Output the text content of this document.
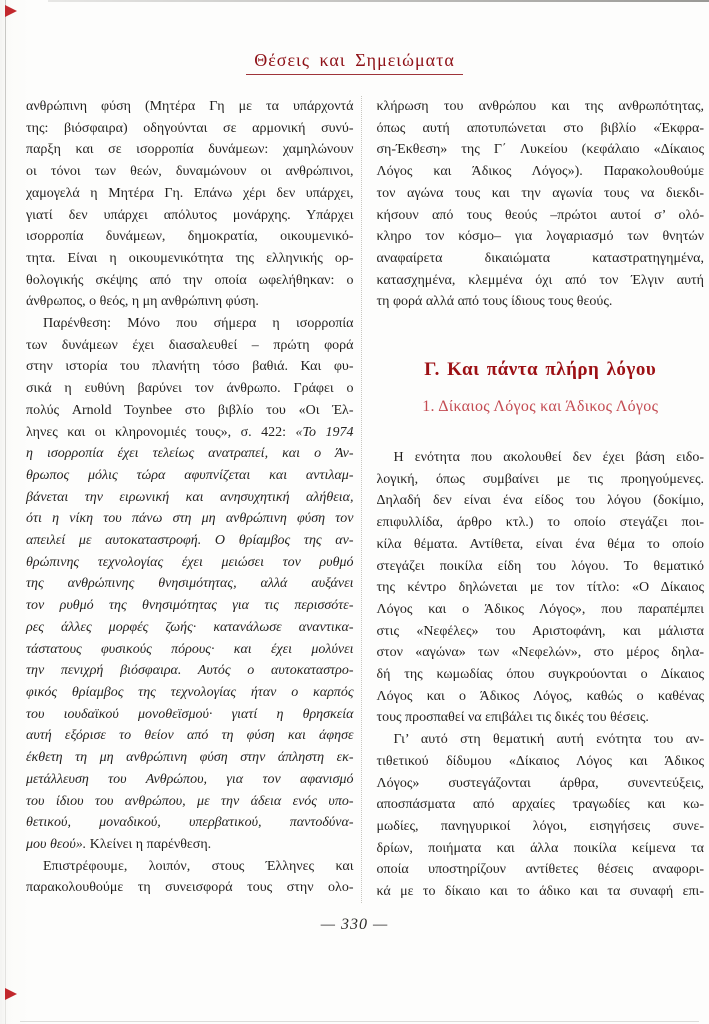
Θέσεις και Σημειώματα
ανθρώπινη φύση (Μητέρα Γη με τα υπάρχοντά
της: βιόσφαιρα) οδηγούνται σε αρμονική συνύ-
παρξη και σε ισορροπία δυνάμεων: χαμηλώνουν
οι τόνοι των θεών, δυναμώνουν οι ανθρώπινοι,
χαμογελά η Μητέρα Γη. Επάνω χέρι δεν υπάρχει,
γιατί δεν υπάρχει απόλυτος μονάρχης. Υπάρχει
ισορροπία δυνάμεων, δημοκρατία, οικουμενικό-
τητα. Είναι η οικουμενικότητα της ελληνικής ορ-
θολογικής σκέψης από την οποία ωφελήθηκαν: ο
άνθρωπος, ο θεός, η μη ανθρώπινη φύση.
Παρένθεση: Μόνο που σήμερα η ισορροπία
των δυνάμεων έχει διασαλευθεί – πρώτη φορά
στην ιστορία του πλανήτη τόσο βαθιά. Και φυ-
σικά η ευθύνη βαρύνει τον άνθρωπο. Γράφει ο
πολύς Arnold Toynbee στο βιβλίο του «Οι Έλ-
ληνες και οι κληρονομιές τους», σ. 422: «Το 1974
η ισορροπία έχει τελείως ανατραπεί, και ο Άν-
θρωπος μόλις τώρα αφυπνίζεται και αντιλαμ-
βάνεται την ειρωνική και ανησυχητική αλήθεια,
ότι η νίκη του πάνω στη μη ανθρώπινη φύση τον
απειλεί με αυτοκαταστροφή. Ο θρίαμβος της αν-
θρώπινης τεχνολογίας έχει μειώσει τον ρυθμό
της ανθρώπινης θνησιμότητας, αλλά αυξάνει
τον ρυθμό της θνησιμότητας για τις περισσότε-
ρες άλλες μορφές ζωής· κατανάλωσε αναντικα-
τάστατους φυσικούς πόρους· και έχει μολύνει
την πενιχρή βιόσφαιρα. Αυτός ο αυτοκαταστρο-
φικός θρίαμβος της τεχνολογίας ήταν ο καρπός
του ιουδαϊκού μονοθεϊσμού· γιατί η θρησκεία
αυτή εξόρισε το θείον από τη φύση και άφησε
έκθετη τη μη ανθρώπινη φύση στην άπληστη εκ-
μετάλλευση του Ανθρώπου, για τον αφανισμό
του ίδιου του ανθρώπου, με την άδεια ενός υπο-
θετικού, μοναδικού, υπερβατικού, παντοδύνα-
μου θεού». Κλείνει η παρένθεση.
Επιστρέφουμε, λοιπόν, στους Έλληνες και
παρακολουθούμε τη συνεισφορά τους στην ολο-
κλήρωση του ανθρώπου και της ανθρωπότητας,
όπως αυτή αποτυπώνεται στο βιβλίο «Έκφρα-
ση-Έκθεση» της Γ΄ Λυκείου (κεφάλαιο «Δίκαιος
Λόγος και Άδικος Λόγος»). Παρακολουθούμε
τον αγώνα τους και την αγωνία τους να διεκδι-
κήσουν από τους θεούς –πρώτοι αυτοί σ’ ολό-
κληρο τον κόσμο– για λογαριασμό των θνητών
αναφαίρετα δικαιώματα καταστρατηγημένα,
κατασχημένα, κλεμμένα όχι από τον Έλγιν αυτή
τη φορά αλλά από τους ίδιους τους θεούς.
Γ. Και πάντα πλήρη λόγου
1. Δίκαιος Λόγος και Άδικος Λόγος
Η ενότητα που ακολουθεί δεν έχει βάση ειδο-
λογική, όπως συμβαίνει με τις προηγούμενες.
Δηλαδή δεν είναι ένα είδος του λόγου (δοκίμιο,
επιφυλλίδα, άρθρο κτλ.) το οποίο στεγάζει ποι-
κίλα θέματα. Αντίθετα, είναι ένα θέμα το οποίο
στεγάζει ποικίλα είδη του λόγου. Το θεματικό
της κέντρο δηλώνεται με τον τίτλο: «Ο Δίκαιος
Λόγος και ο Άδικος Λόγος», που παραπέμπει
στις «Νεφέλες» του Αριστοφάνη, και μάλιστα
στον «αγώνα» των «Νεφελών», στο μέρος δηλα-
δή της κωμωδίας όπου συγκρούονται ο Δίκαιος
Λόγος και ο Άδικος Λόγος, καθώς ο καθένας
τους προσπαθεί να επιβάλει τις δικές του θέσεις.
Γι’ αυτό στη θεματική αυτή ενότητα του αν-
τιθετικού δίδυμου «Δίκαιος Λόγος και Άδικος
Λόγος» συστεγάζονται άρθρα, συνεντεύξεις,
αποσπάσματα από αρχαίες τραγωδίες και κω-
μωδίες, πανηγυρικοί λόγοι, εισηγήσεις συνε-
δρίων, ποιήματα και άλλα ποικίλα κείμενα τα
οποία υποστηρίζουν αντίθετες θέσεις αναφορι-
κά με το δίκαιο και το άδικο και τα συναφή επι-
— 330 —
